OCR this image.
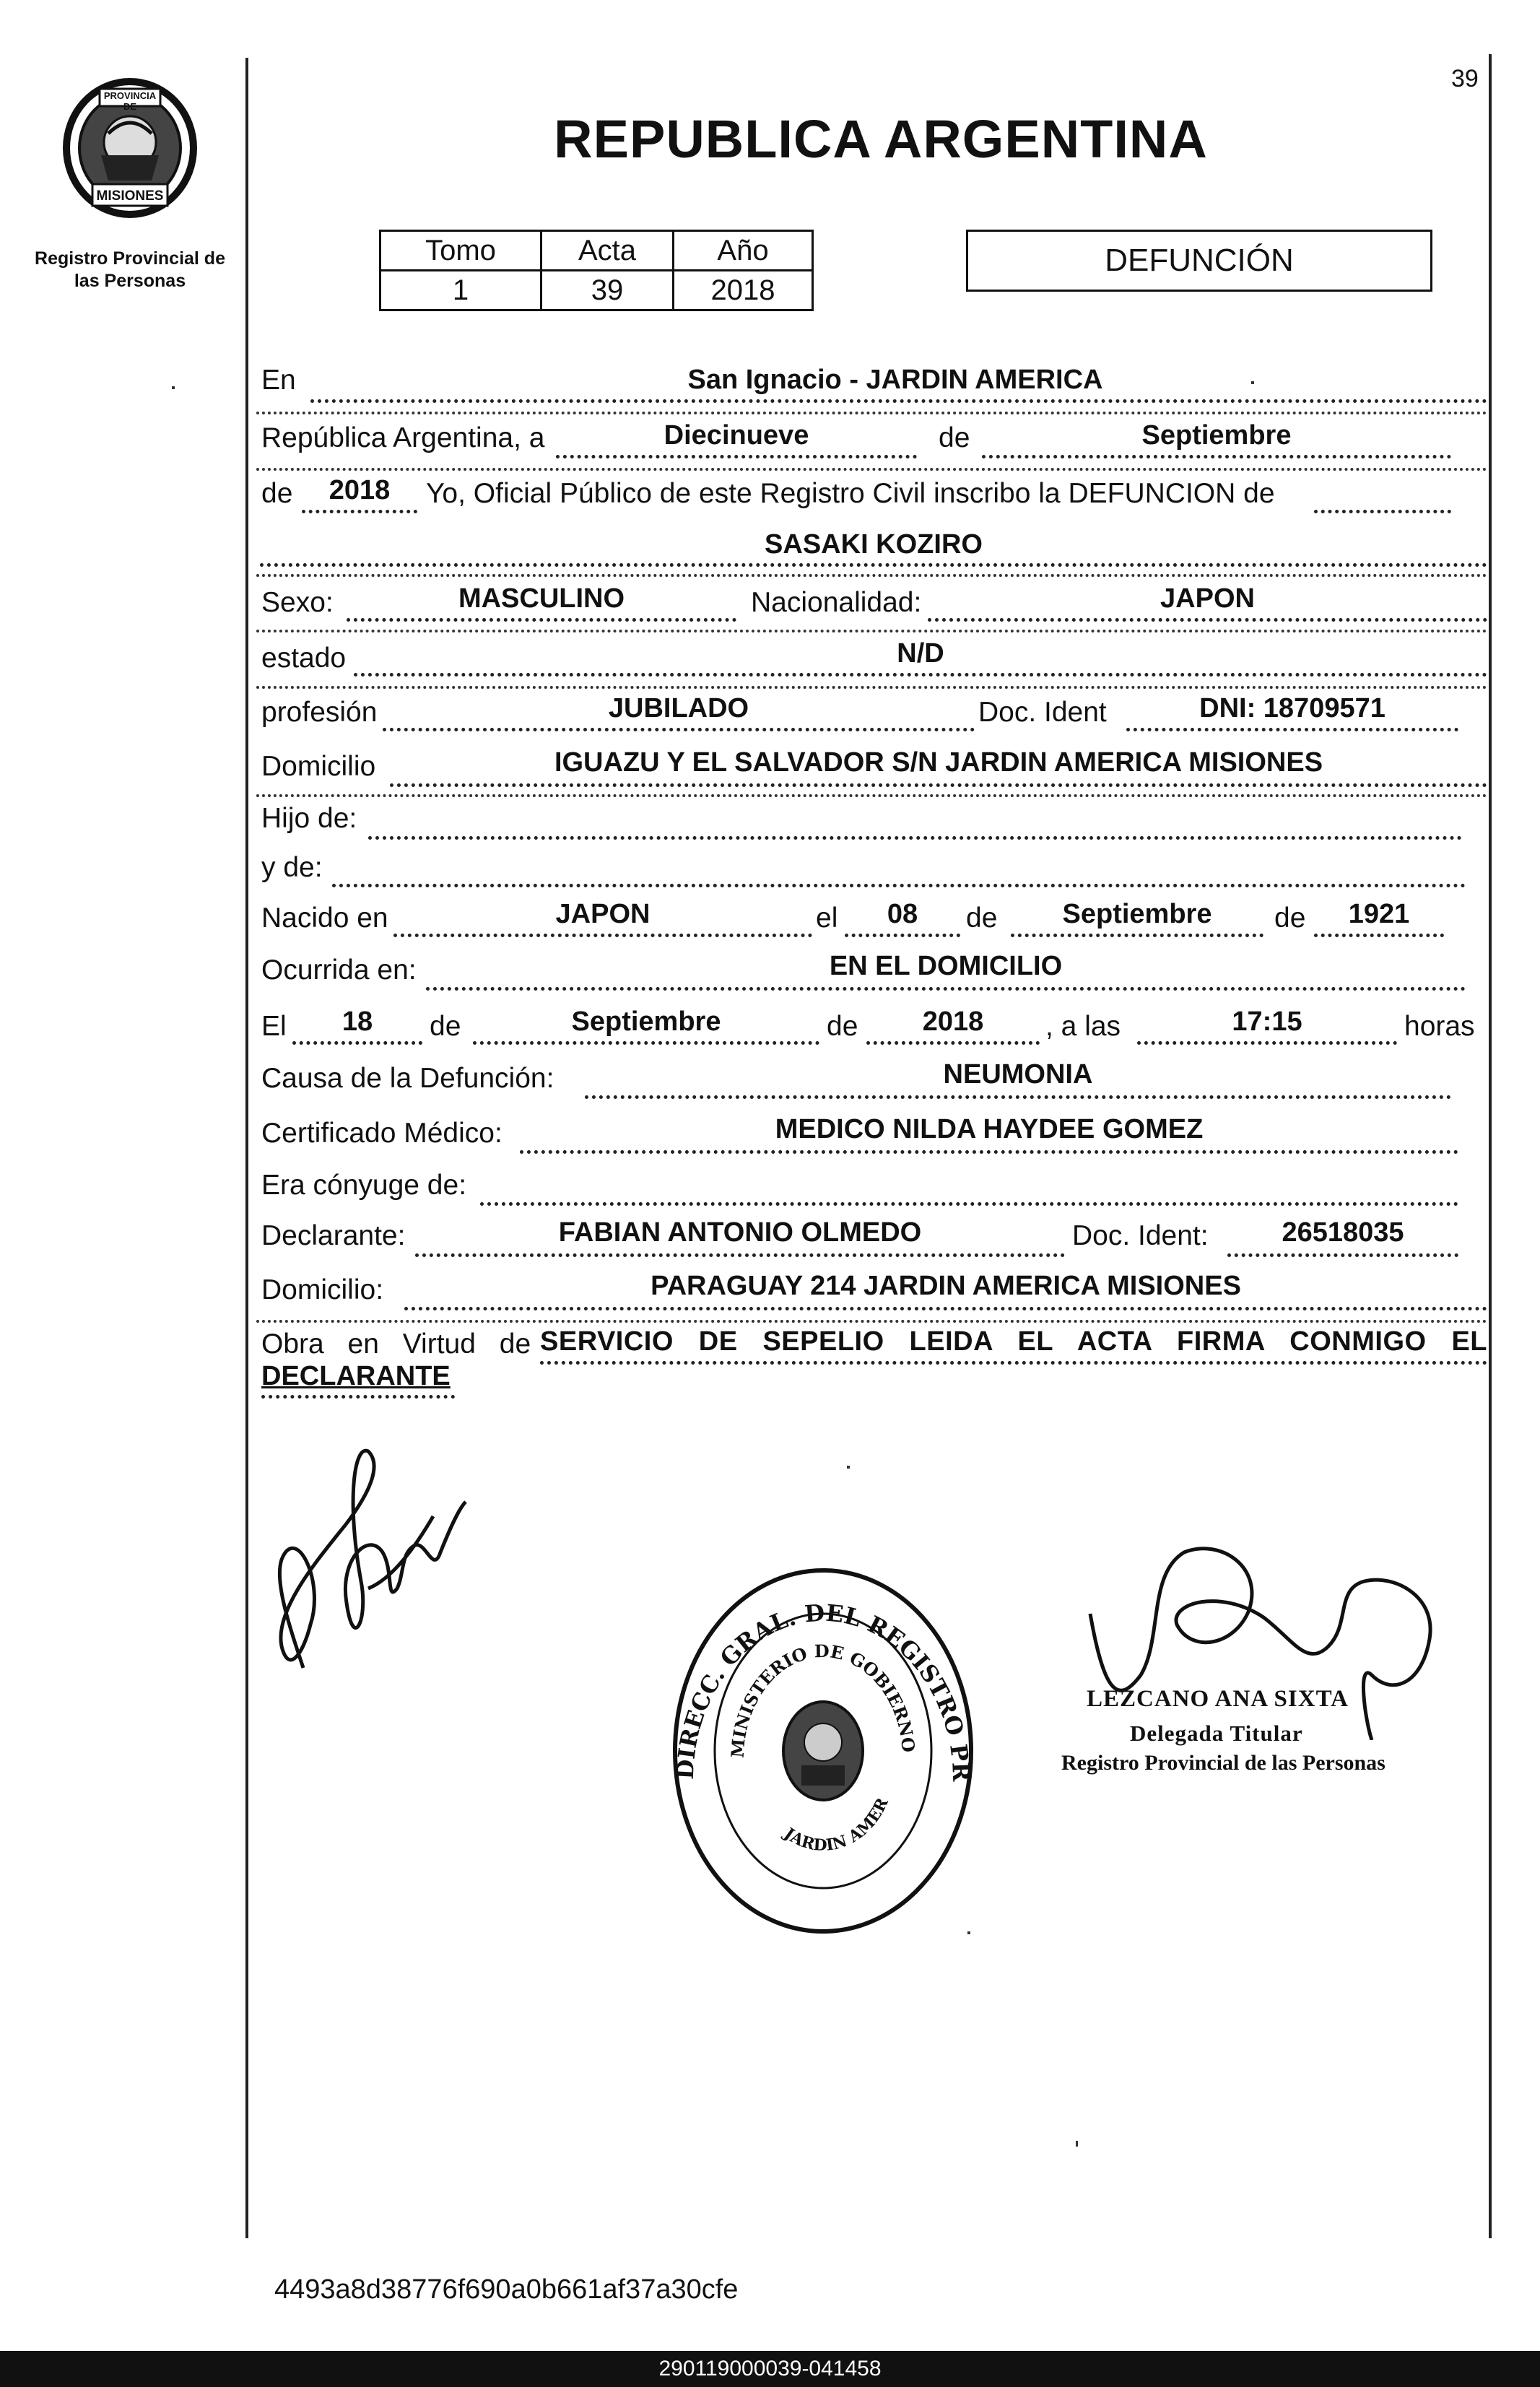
39
PROVINCIA DE
MISIONES
Registro Provincial de las Personas
REPUBLICA ARGENTINA
Tomo	Acta	Año
1	39	2018
DEFUNCIÓN
En	San Ignacio - JARDIN AMERICA
República Argentina, a	Diecinueve	de	Septiembre
de	2018	Yo, Oficial Público de este Registro Civil inscribo la DEFUNCION de
SASAKI KOZIRO
Sexo:	MASCULINO	Nacionalidad:	JAPON
estado	N/D
profesión	JUBILADO	Doc. Ident	DNI: 18709571
Domicilio	IGUAZU Y EL SALVADOR S/N JARDIN AMERICA MISIONES
Hijo de:
y de:
Nacido en	JAPON	el	08	de	Septiembre	de	1921
Ocurrida en:	EN EL DOMICILIO
El	18	de	Septiembre	de	2018	, a las	17:15	horas
Causa de la Defunción:	NEUMONIA
Certificado Médico:	MEDICO NILDA HAYDEE GOMEZ
Era cónyuge de:
Declarante:	FABIAN ANTONIO OLMEDO	Doc. Ident:	26518035
Domicilio:	PARAGUAY 214 JARDIN AMERICA MISIONES
Obra en Virtud de SERVICIO DE SEPELIO LEIDA EL ACTA FIRMA CONMIGO EL
DECLARANTE
DIRECC. GRAL. DEL REGISTRO PR
MINISTERIO DE GOBIERNO
JARDIN AMER
LEZCANO ANA SIXTA
Delegada Titular
Registro Provincial de las Personas
4493a8d38776f690a0b661af37a30cfe
290119000039-041458
